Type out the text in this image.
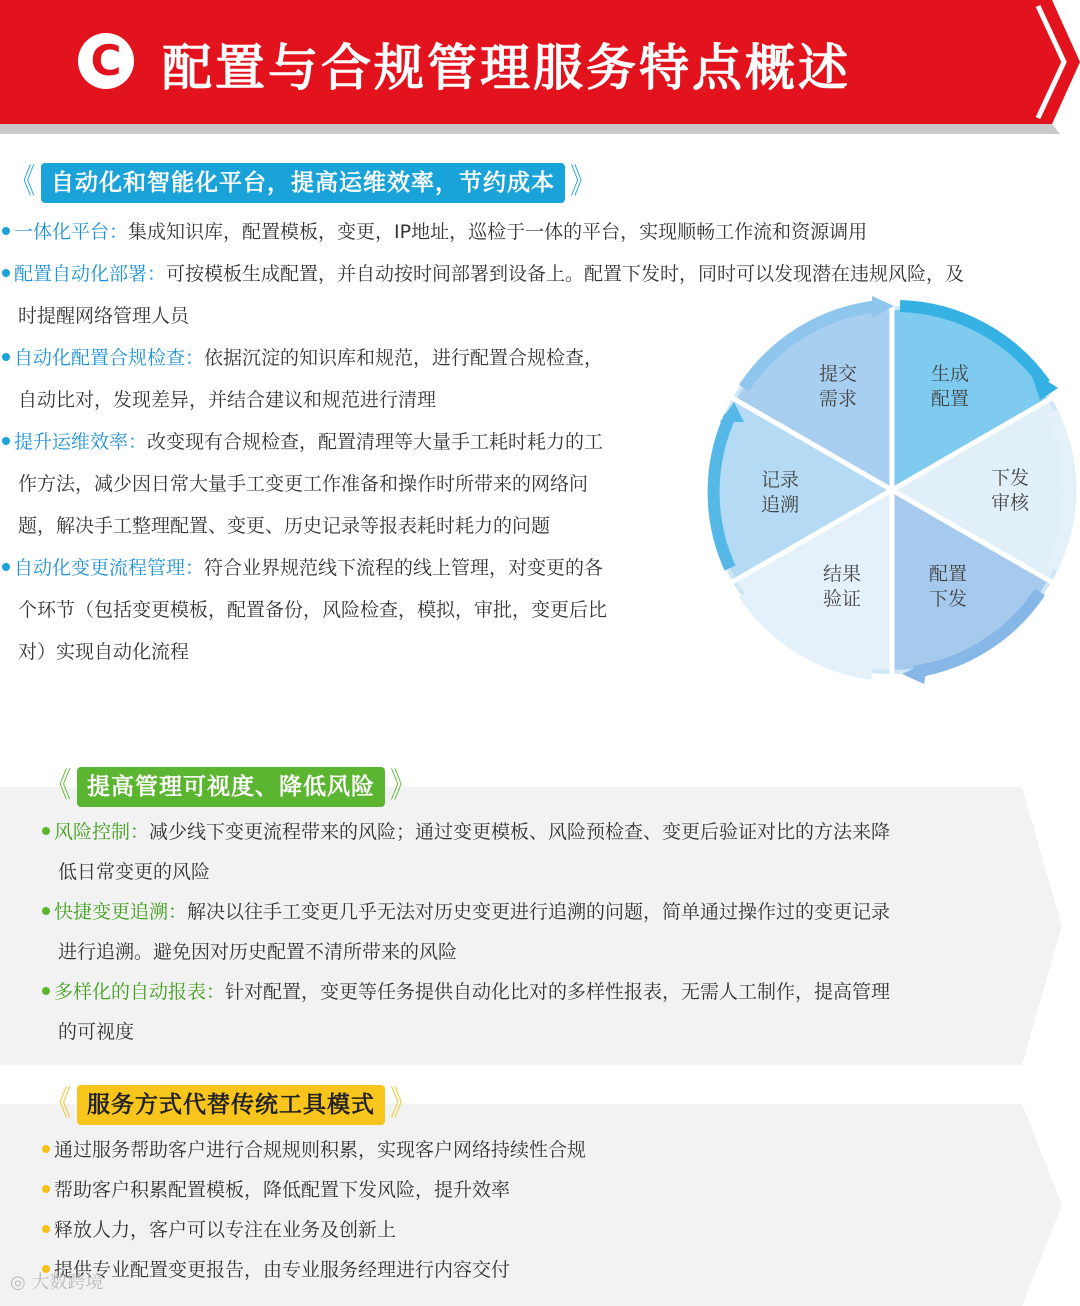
C 配置与合规管理服务特点概述
《 自动化和智能化平台，提高运维效率，节约成本 》
一体化平台：集成知识库，配置模板，变更，IP地址，巡检于一体的平台，实现顺畅工作流和资源调用
配置自动化部署：可按模板生成配置，并自动按时间部署到设备上。配置下发时，同时可以发现潜在违规风险，及
时提醒网络管理人员
自动化配置合规检查：依据沉淀的知识库和规范，进行配置合规检查，
自动比对，发现差异，并结合建议和规范进行清理
提升运维效率：改变现有合规检查，配置清理等大量手工耗时耗力的工
作方法，减少因日常大量手工变更工作准备和操作时所带来的网络问
题，解决手工整理配置、变更、历史记录等报表耗时耗力的问题
自动化变更流程管理：符合业界规范线下流程的线上管理，对变更的各
个环节（包括变更模板，配置备份，风险检查，模拟，审批，变更后比
对）实现自动化流程
生成
配置
下发
审核
配置
下发
结果
验证
记录
追溯
提交
需求
《 提高管理可视度、降低风险 》
风险控制：减少线下变更流程带来的风险；通过变更模板、风险预检查、变更后验证对比的方法来降
低日常变更的风险
快捷变更追溯：解决以往手工变更几乎无法对历史变更进行追溯的问题，简单通过操作过的变更记录
进行追溯。避免因对历史配置不清所带来的风险
多样化的自动报表：针对配置，变更等任务提供自动化比对的多样性报表，无需人工制作，提高管理
的可视度
《 服务方式代替传统工具模式 》
通过服务帮助客户进行合规规则积累，实现客户网络持续性合规
帮助客户积累配置模板，降低配置下发风险，提升效率
释放人力，客户可以专注在业务及创新上
提供专业配置变更报告，由专业服务经理进行内容交付
◎ 大数跨境
